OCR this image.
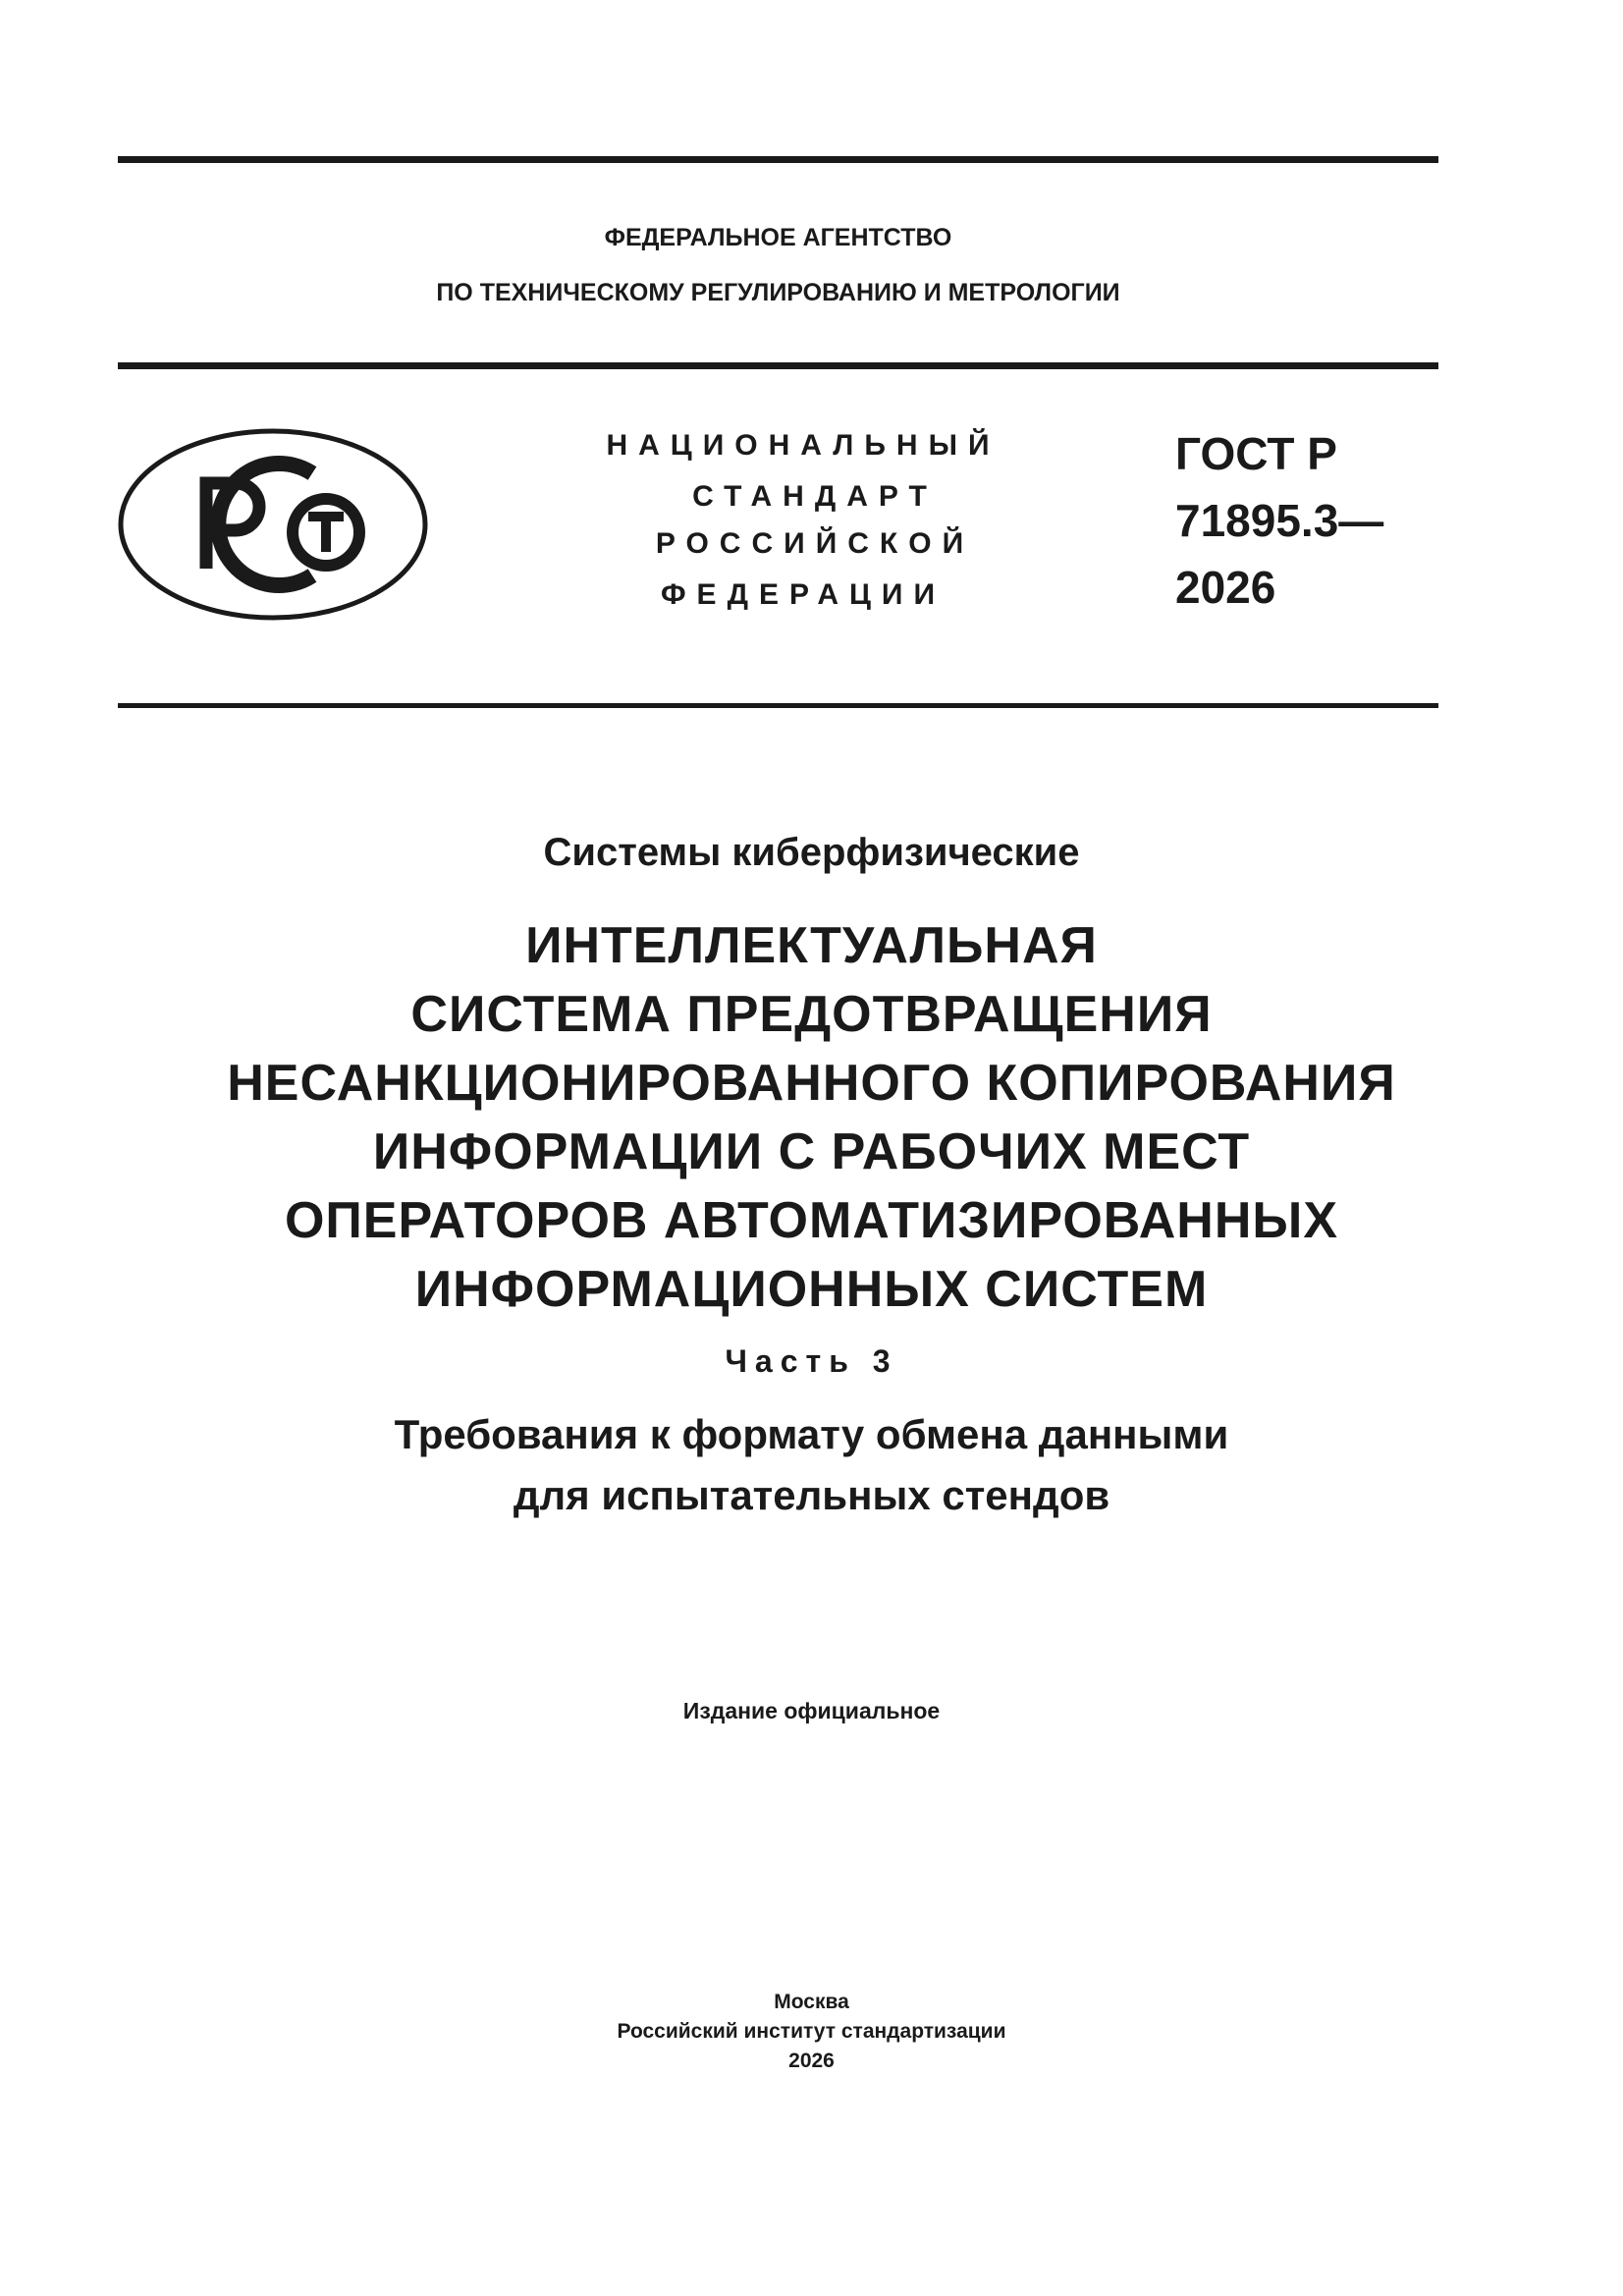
ФЕДЕРАЛЬНОЕ АГЕНТСТВО
ПО ТЕХНИЧЕСКОМУ РЕГУЛИРОВАНИЮ И МЕТРОЛОГИИ
НАЦИОНАЛЬНЫЙ
СТАНДАРТ
РОССИЙСКОЙ
ФЕДЕРАЦИИ
ГОСТ Р
71895.3—
2026
Системы киберфизические
ИНТЕЛЛЕКТУАЛЬНАЯ
СИСТЕМА ПРЕДОТВРАЩЕНИЯ
НЕСАНКЦИОНИРОВАННОГО КОПИРОВАНИЯ
ИНФОРМАЦИИ С РАБОЧИХ МЕСТ
ОПЕРАТОРОВ АВТОМАТИЗИРОВАННЫХ
ИНФОРМАЦИОННЫХ СИСТЕМ
Часть 3
Требования к формату обмена данными
для испытательных стендов
Издание официальное
Москва
Российский институт стандартизации
2026
